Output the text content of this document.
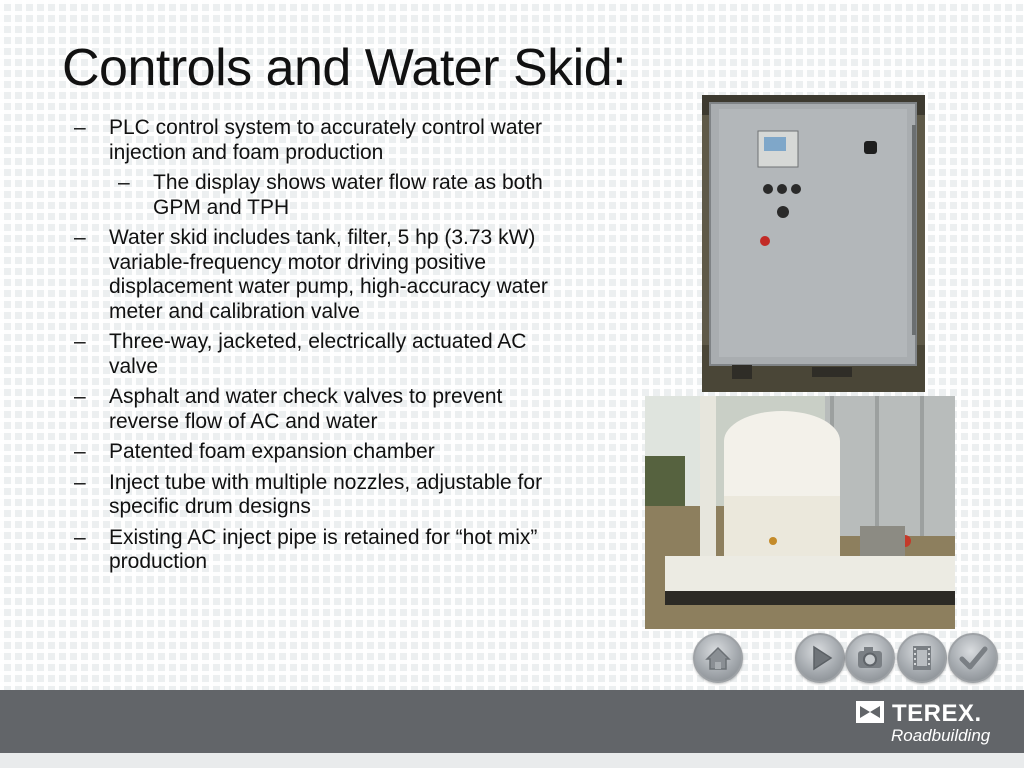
Controls and Water Skid:
– PLC control system to accurately control water injection and foam production
– The display shows water flow rate as both GPM and TPH
– Water skid includes tank, filter, 5 hp (3.73 kW) variable-frequency motor driving positive displacement water pump, high-accuracy water meter and calibration valve
– Three-way, jacketed, electrically actuated AC valve
– Asphalt and water check valves to prevent reverse flow of AC and water
– Patented foam expansion chamber
– Inject tube with multiple nozzles, adjustable for specific drum designs
– Existing AC inject pipe is retained for “hot mix” production
TEREX.
Roadbuilding
